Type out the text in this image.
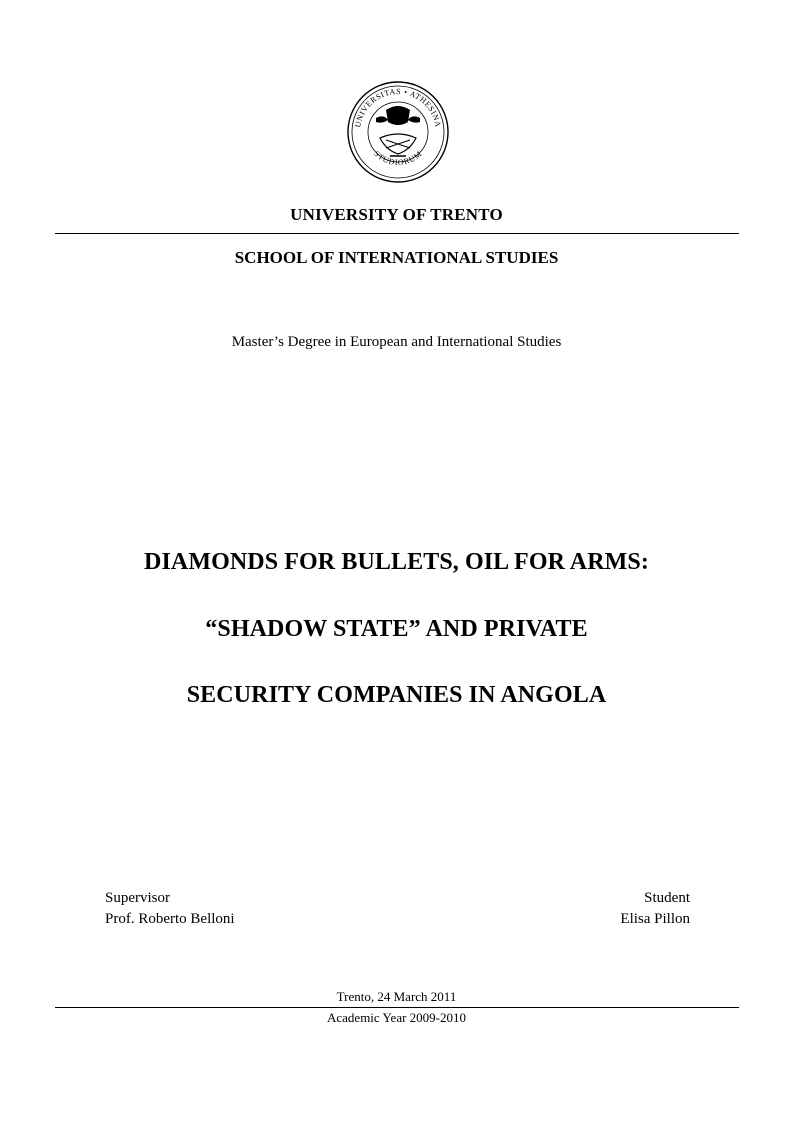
UNIVERSITAS • ATHESINA
STUDIORUM
UNIVERSITY OF TRENTO
SCHOOL OF INTERNATIONAL STUDIES
Master’s Degree in European and International Studies
DIAMONDS FOR BULLETS, OIL FOR ARMS:
“SHADOW STATE” AND PRIVATE
SECURITY COMPANIES IN ANGOLA
Supervisor
Prof. Roberto Belloni
Student
Elisa Pillon
Trento, 24 March 2011
Academic Year 2009-2010
